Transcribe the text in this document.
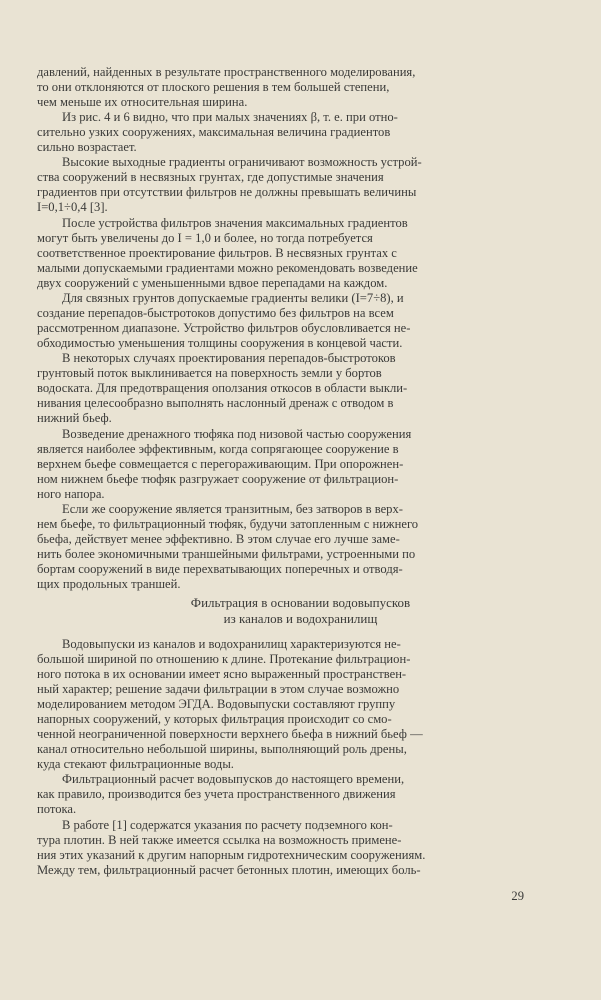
давлений, найденных в результате пространственного моделирования,

то они отклоняются от плоского решения в тем большей степени,

чем меньше их относительная ширина.

Из рис. 4 и 6 видно, что при малых значениях β, т. е. при отно-

сительно узких сооружениях, максимальная величина градиентов

сильно возрастает.

Высокие выходные градиенты ограничивают возможность устрой-

ства сооружений в несвязных грунтах, где допустимые значения

градиентов при отсутствии фильтров не должны превышать величины

I=0,1÷0,4 [3].

После устройства фильтров значения максимальных градиентов

могут быть увеличены до I = 1,0 и более, но тогда потребуется

соответственное проектирование фильтров. В несвязных грунтах с

малыми допускаемыми градиентами можно рекомендовать возведение

двух сооружений с уменьшенными вдвое перепадами на каждом.

Для связных грунтов допускаемые градиенты велики (I=7÷8), и

создание перепадов-быстротоков допустимо без фильтров на всем

рассмотренном диапазоне. Устройство фильтров обусловливается не-

обходимостью уменьшения толщины сооружения в концевой части.

В некоторых случаях проектирования перепадов-быстротоков

грунтовый поток выклинивается на поверхность земли у бортов

водоската. Для предотвращения оползания откосов в области выкли-

нивания целесообразно выполнять наслонный дренаж с отводом в

нижний бьеф.

Возведение дренажного тюфяка под низовой частью сооружения

является наиболее эффективным, когда сопрягающее сооружение в

верхнем бьефе совмещается с перегораживающим. При опорожнен-

ном нижнем бьефе тюфяк разгружает сооружение от фильтрацион-

ного напора.

Если же сооружение является транзитным, без затворов в верх-

нем бьефе, то фильтрационный тюфяк, будучи затопленным с нижнего

бьефа, действует менее эффективно. В этом случае его лучше заме-

нить более экономичными траншейными фильтрами, устроенными по

бортам сооружений в виде перехватывающих поперечных и отводя-

щих продольных траншей.

Фильтрация в основании водовыпусков

из каналов и водохранилищ

Водовыпуски из каналов и водохранилищ характеризуются не-

большой шириной по отношению к длине. Протекание фильтрацион-

ного потока в их основании имеет ясно выраженный пространствен-

ный характер; решение задачи фильтрации в этом случае возможно

моделированием методом ЭГДА. Водовыпуски составляют группу

напорных сооружений, у которых фильтрация происходит со смо-

ченной неограниченной поверхности верхнего бьефа в нижний бьеф —

канал относительно небольшой ширины, выполняющий роль дрены,

куда стекают фильтрационные воды.

Фильтрационный расчет водовыпусков до настоящего времени,

как правило, производится без учета пространственного движения

потока.

В работе [1] содержатся указания по расчету подземного кон-

тура плотин. В ней также имеется ссылка на возможность примене-

ния этих указаний к другим напорным гидротехническим сооружениям.

Между тем, фильтрационный расчет бетонных плотин, имеющих боль-

29
